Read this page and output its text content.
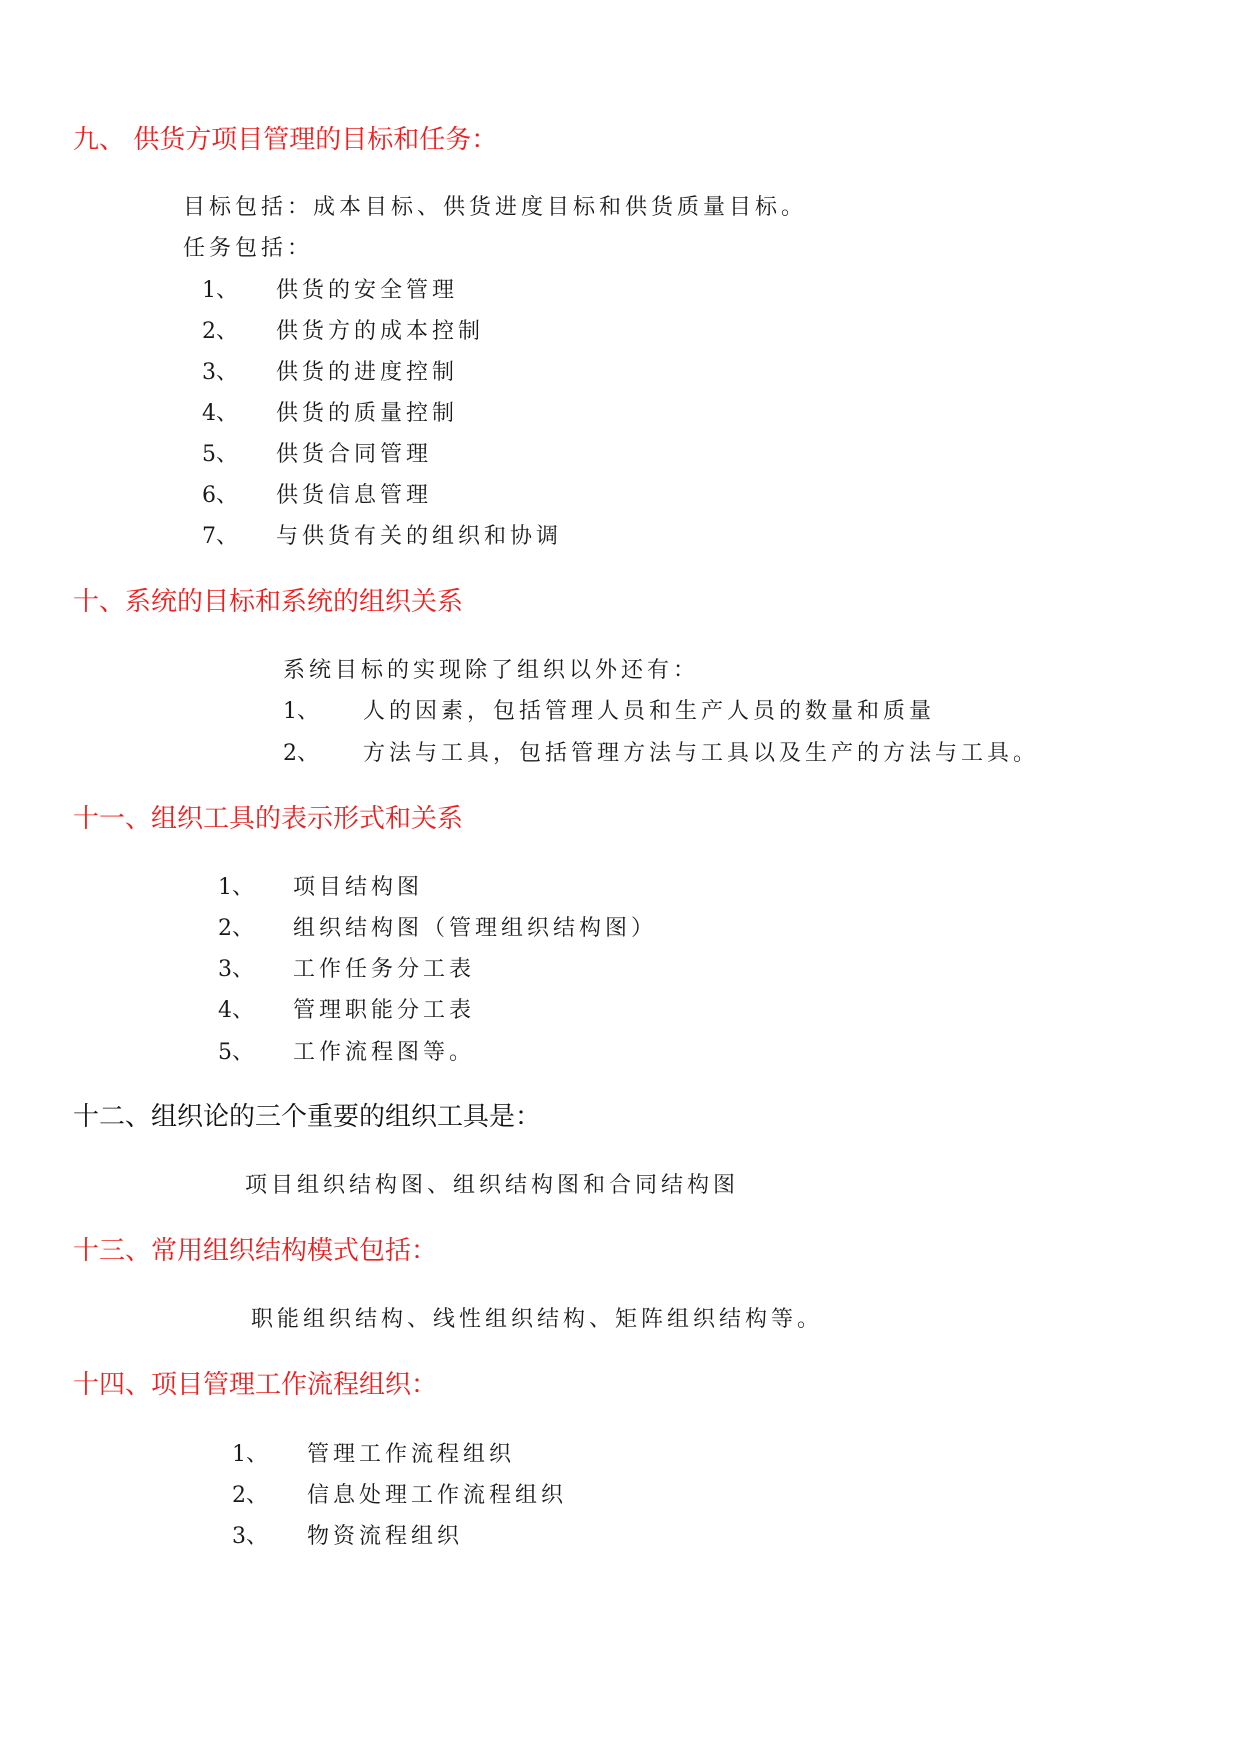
九、 供货方项目管理的目标和任务：
目标包括：成本目标、供货进度目标和供货质量目标。
任务包括：
1、 供货的安全管理
2、 供货方的成本控制
3、 供货的进度控制
4、 供货的质量控制
5、 供货合同管理
6、 供货信息管理
7、 与供货有关的组织和协调
十、系统的目标和系统的组织关系
系统目标的实现除了组织以外还有：
1、 人的因素，包括管理人员和生产人员的数量和质量
2、 方法与工具，包括管理方法与工具以及生产的方法与工具。
十一、组织工具的表示形式和关系
1、 项目结构图
2、 组织结构图（管理组织结构图）
3、 工作任务分工表
4、 管理职能分工表
5、 工作流程图等。
十二、组织论的三个重要的组织工具是：
项目组织结构图、组织结构图和合同结构图
十三、常用组织结构模式包括：
职能组织结构、线性组织结构、矩阵组织结构等。
十四、项目管理工作流程组织：
1、 管理工作流程组织
2、 信息处理工作流程组织
3、 物资流程组织
